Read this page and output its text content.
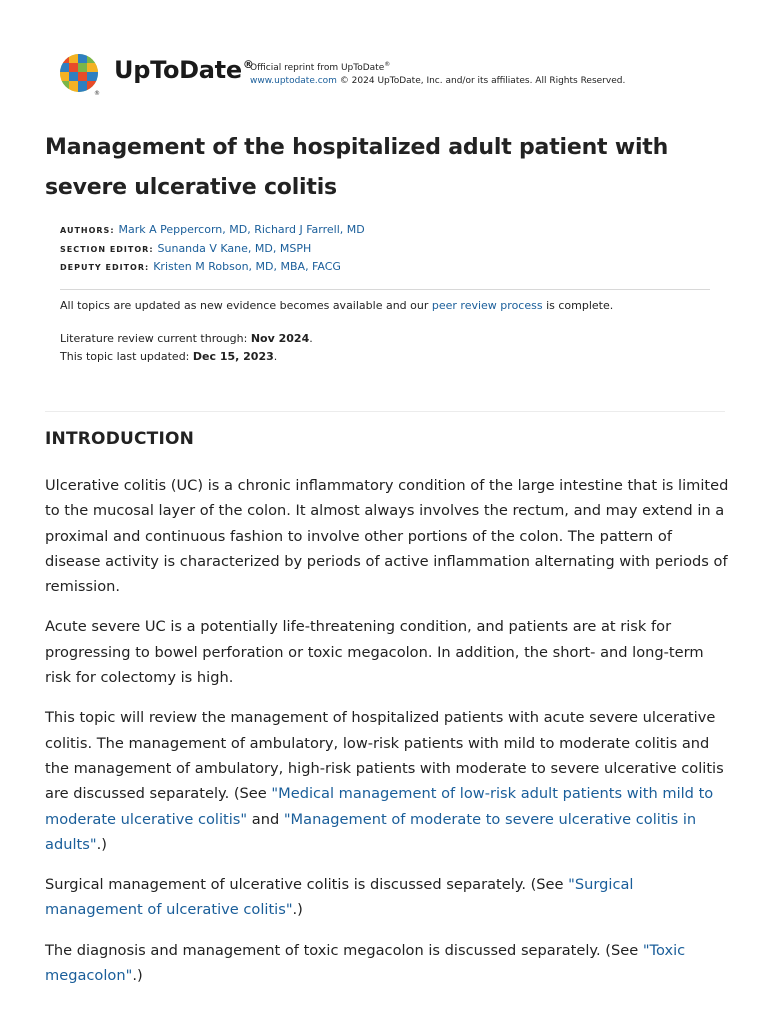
®
UpToDate®
Official reprint from UpToDate®
www.uptodate.com © 2024 UpToDate, Inc. and/or its affiliates. All Rights Reserved.
Management of the hospitalized adult patient with severe ulcerative colitis
AUTHORS: Mark A Peppercorn, MD, Richard J Farrell, MD
SECTION EDITOR: Sunanda V Kane, MD, MSPH
DEPUTY EDITOR: Kristen M Robson, MD, MBA, FACG
All topics are updated as new evidence becomes available and our peer review process is complete.
Literature review current through: Nov 2024.
This topic last updated: Dec 15, 2023.
INTRODUCTION

Ulcerative colitis (UC) is a chronic inflammatory condition of the large intestine that is limited to the mucosal layer of the colon. It almost always involves the rectum, and may extend in a proximal and continuous fashion to involve other portions of the colon. The pattern of disease activity is characterized by periods of active inflammation alternating with periods of remission.

Acute severe UC is a potentially life-threatening condition, and patients are at risk for progressing to bowel perforation or toxic megacolon. In addition, the short- and long-term risk for colectomy is high.

This topic will review the management of hospitalized patients with acute severe ulcerative colitis. The management of ambulatory, low-risk patients with mild to moderate colitis and the management of ambulatory, high-risk patients with moderate to severe ulcerative colitis are discussed separately. (See "Medical management of low-risk adult patients with mild to moderate ulcerative colitis" and "Management of moderate to severe ulcerative colitis in adults".)

Surgical management of ulcerative colitis is discussed separately. (See "Surgical management of ulcerative colitis".)

The diagnosis and management of toxic megacolon is discussed separately. (See "Toxic megacolon".)
